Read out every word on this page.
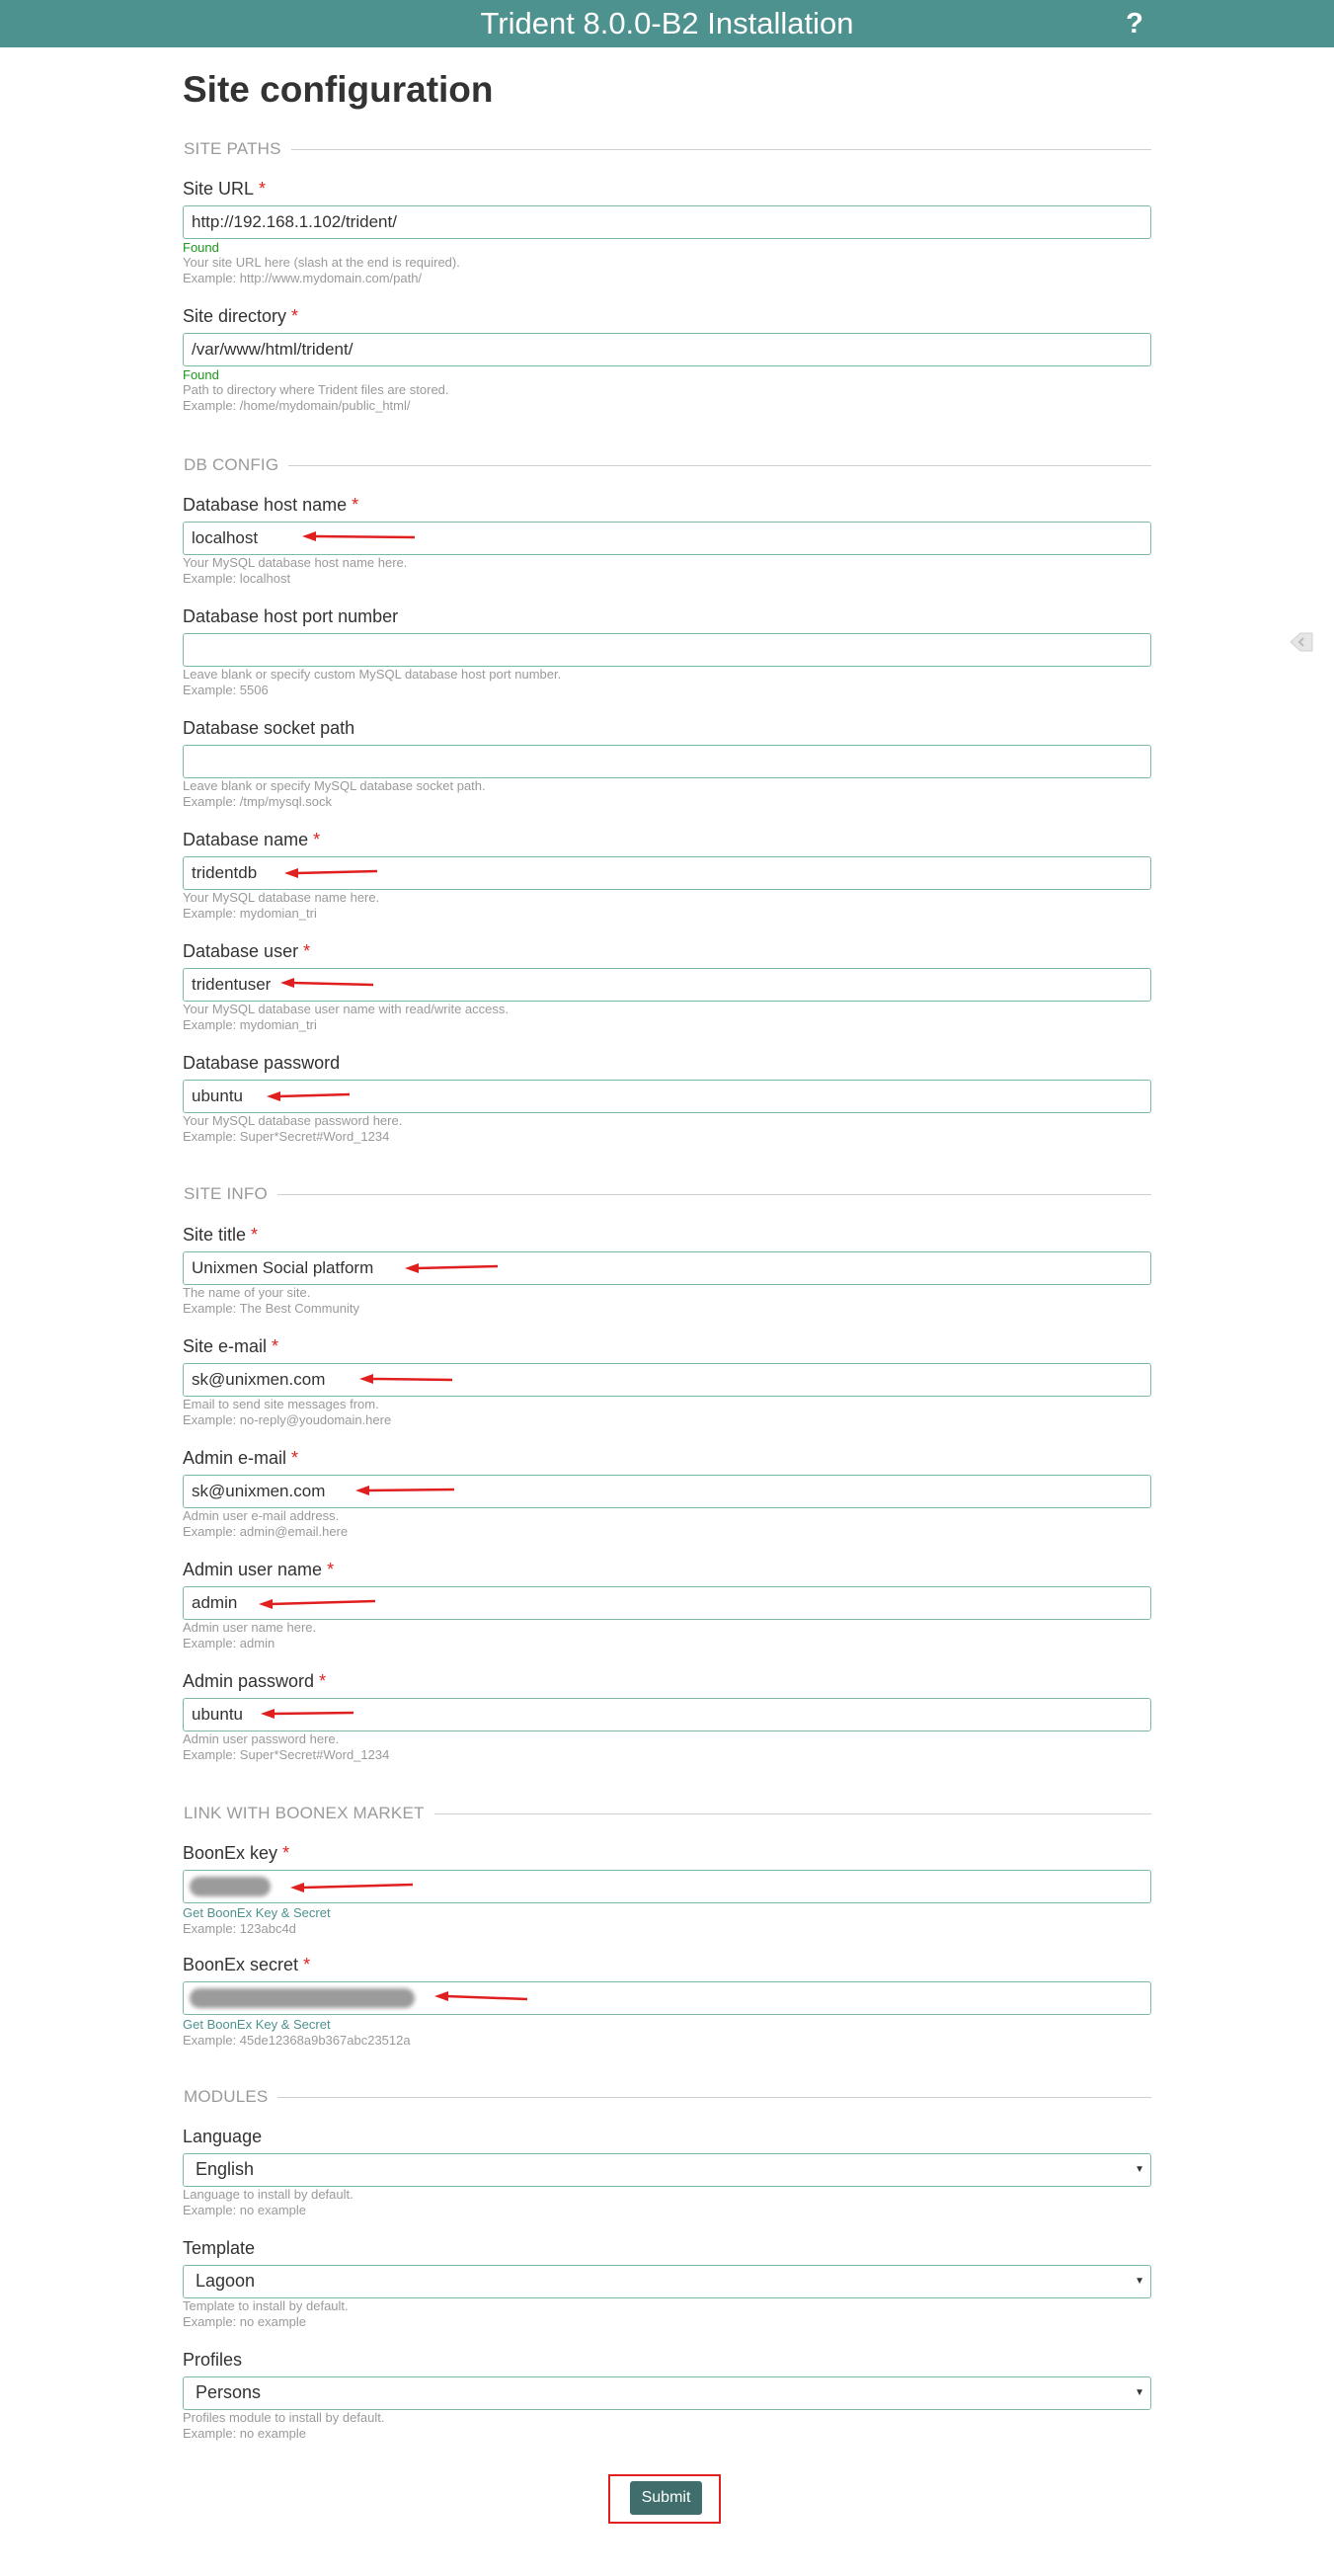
Trident 8.0.0-B2 Installation	?
Site configuration
SITE PATHS
Site URL *
http://192.168.1.102/trident/
Found
Your site URL here (slash at the end is required).
Example: http://www.mydomain.com/path/
Site directory *
/var/www/html/trident/
Found
Path to directory where Trident files are stored.
Example: /home/mydomain/public_html/
DB CONFIG
Database host name *
localhost
Your MySQL database host name here.
Example: localhost
Database host port number
Leave blank or specify custom MySQL database host port number.
Example: 5506
Database socket path
Leave blank or specify MySQL database socket path.
Example: /tmp/mysql.sock
Database name *
tridentdb
Your MySQL database name here.
Example: mydomian_tri
Database user *
tridentuser
Your MySQL database user name with read/write access.
Example: mydomian_tri
Database password
ubuntu
Your MySQL database password here.
Example: Super*Secret#Word_1234
SITE INFO
Site title *
Unixmen Social platform
The name of your site.
Example: The Best Community
Site e-mail *
sk@unixmen.com
Email to send site messages from.
Example: no-reply@youdomain.here
Admin e-mail *
sk@unixmen.com
Admin user e-mail address.
Example: admin@email.here
Admin user name *
admin
Admin user name here.
Example: admin
Admin password *
ubuntu
Admin user password here.
Example: Super*Secret#Word_1234
LINK WITH BOONEX MARKET
BoonEx key *
Get BoonEx Key & Secret
Example: 123abc4d
BoonEx secret *
Get BoonEx Key & Secret
Example: 45de12368a9b367abc23512a
MODULES
Language
English	▼
Language to install by default.
Example: no example
Template
Lagoon	▼
Template to install by default.
Example: no example
Profiles
Persons	▼
Profiles module to install by default.
Example: no example
Submit
